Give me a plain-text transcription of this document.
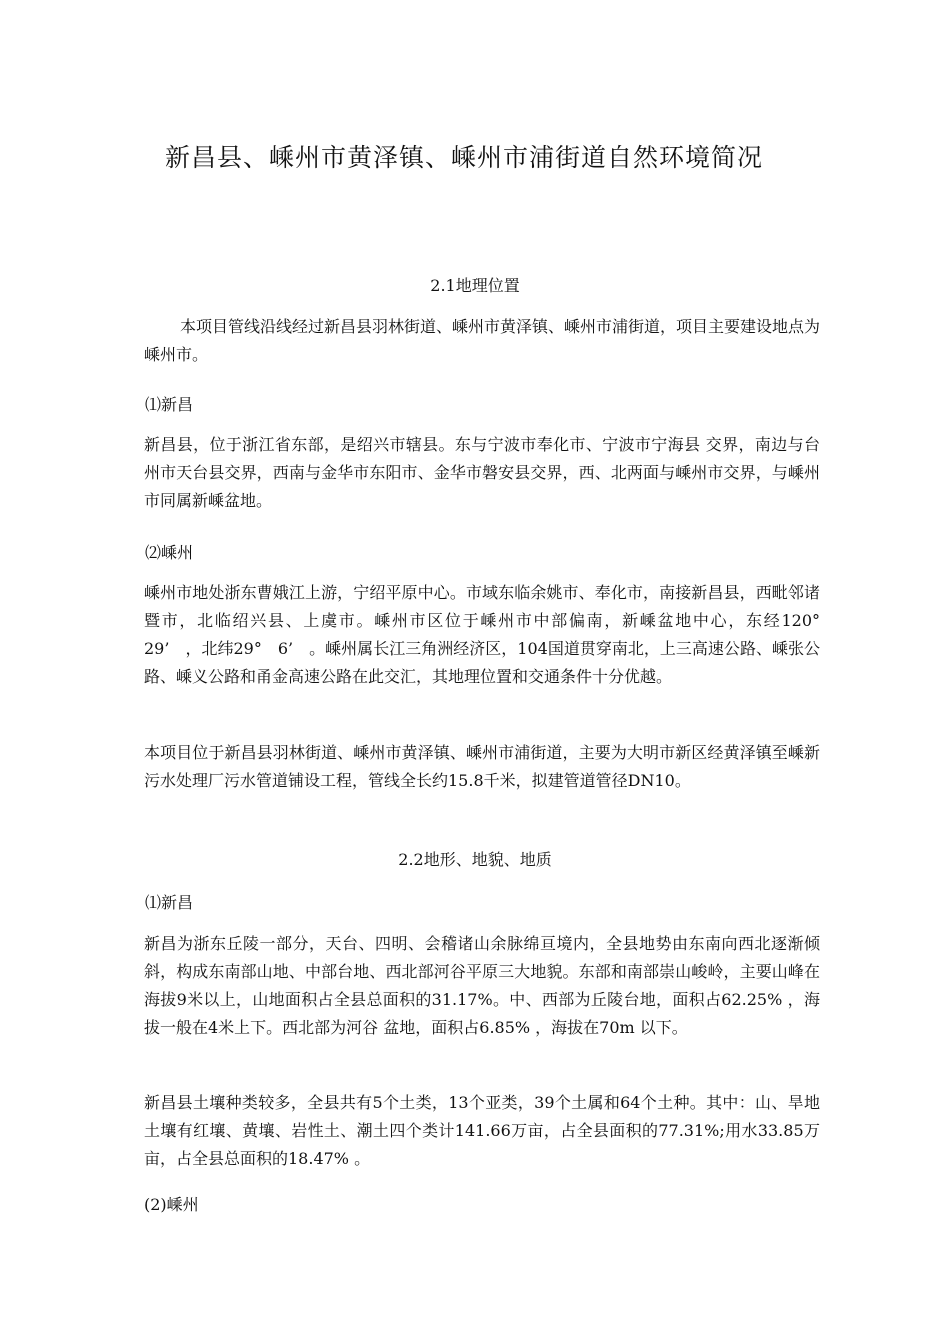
新昌县、嵊州市黄泽镇、嵊州市浦街道自然环境简况
2.1地理位置

本项目管线沿线经过新昌县羽林街道、嵊州市黄泽镇、嵊州市浦街道，项目主要建设地点为嵊州市。

⑴新昌

新昌县，位于浙江省东部，是绍兴市辖县。东与宁波市奉化市、宁波市宁海县 交界，南边与台州市天台县交界，西南与金华市东阳市、金华市磐安县交界，西、北两面与嵊州市交界，与嵊州市同属新嵊盆地。

⑵嵊州

嵊州市地处浙东曹娥江上游，宁绍平原中心。市域东临余姚市、奉化市，南接新昌县，西毗邻诸暨市，北临绍兴县、上虞市。嵊州市区位于嵊州市中部偏南，新嵊盆地中心，东经120°　29’　，北纬29°　6’　。嵊州属长江三角洲经济区，104国道贯穿南北，上三高速公路、嵊张公路、嵊义公路和甬金高速公路在此交汇，其地理位置和交通条件十分优越。

本项目位于新昌县羽林街道、嵊州市黄泽镇、嵊州市浦街道，主要为大明市新区经黄泽镇至嵊新污水处理厂污水管道铺设工程，管线全长约15.8千米，拟建管道管径DN10。

2.2地形、地貌、地质
⑴新昌

新昌为浙东丘陵一部分，天台、四明、会稽诸山余脉绵亘境内，全县地势由东南向西北逐渐倾斜，构成东南部山地、中部台地、西北部河谷平原三大地貌。东部和南部崇山峻岭，主要山峰在海拔9米以上，山地面积占全县总面积的31.17%。中、西部为丘陵台地，面积占62.25% ，海拔一般在4米上下。西北部为河谷 盆地，面积占6.85% ，海拔在70m 以下。

新昌县土壤种类较多，全县共有5个土类，13个亚类，39个土属和64个土种。其中：山、旱地土壤有红壤、黄壤、岩性土、潮土四个类计141.66万亩，占全县面积的77.31%;用水33.85万亩，占全县总面积的18.47% 。

(2)嵊州
